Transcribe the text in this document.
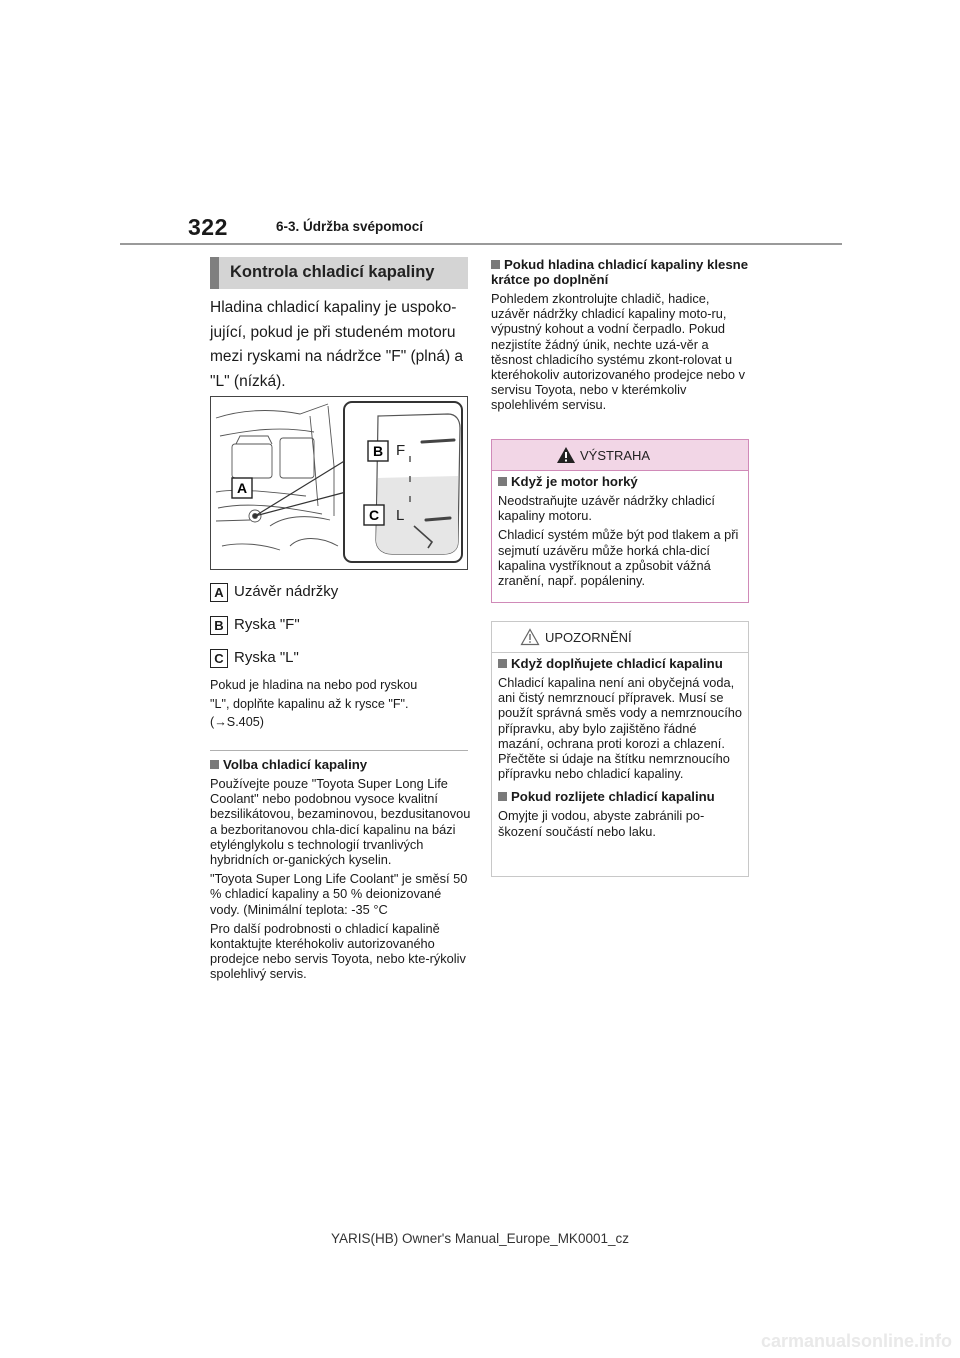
322	6-3. Údržba svépomocí
Kontrola chladicí kapaliny
Hladina chladicí kapaliny je uspoko-jující, pokud je při studeném motoru mezi ryskami na nádržce "F" (plná) a "L" (nízká).
A
B
C
F
L
A Uzávěr nádržky
B Ryska "F"
C Ryska "L"
Pokud je hladina na nebo pod ryskou
"L", doplňte kapalinu až k rysce "F".
(→S.405)
Volba chladicí kapaliny
Používejte pouze "Toyota Super Long Life Coolant" nebo podobnou vysoce kvalitní bezsilikátovou, bezaminovou, bezdusitanovou a bezboritanovou chla-dicí kapalinu na bázi etylénglykolu s technologií trvanlivých hybridních or-ganických kyselin.
"Toyota Super Long Life Coolant" je směsí 50 % chladicí kapaliny a 50 % deionizované vody. (Minimální teplota: -35 °C
Pro další podrobnosti o chladicí kapalině kontaktujte kteréhokoliv autorizovaného prodejce nebo servis Toyota, nebo kte-rýkoliv spolehlivý servis.
Pokud hladina chladicí kapaliny klesne krátce po doplnění
Pohledem zkontrolujte chladič, hadice, uzávěr nádržky chladicí kapaliny moto-ru, výpustný kohout a vodní čerpadlo. Pokud nezjistíte žádný únik, nechte uzá-věr a těsnost chladicího systému zkont-rolovat u kteréhokoliv autorizovaného prodejce nebo v servisu Toyota, nebo v kterémkoliv spolehlivém servisu.
VÝSTRAHA
Když je motor horký
Neodstraňujte uzávěr nádržky chladicí kapaliny motoru.
Chladicí systém může být pod tlakem a při sejmutí uzávěru může horká chla-dicí kapalina vystříknout a způsobit vážná zranění, např. popáleniny.
UPOZORNĚNÍ
Když doplňujete chladicí kapalinu
Chladicí kapalina není ani obyčejná voda, ani čistý nemrznoucí přípravek. Musí se použít správná směs vody a nemrznoucího přípravku, aby bylo zajištěno řádné mazání, ochrana proti korozi a chlazení. Přečtěte si údaje na štítku nemrznoucího přípravku nebo chladicí kapaliny.
Pokud rozlijete chladicí kapalinu
Omyjte ji vodou, abyste zabránili po-škození součástí nebo laku.
YARIS(HB) Owner's Manual_Europe_MK0001_cz
carmanualsonline.info
